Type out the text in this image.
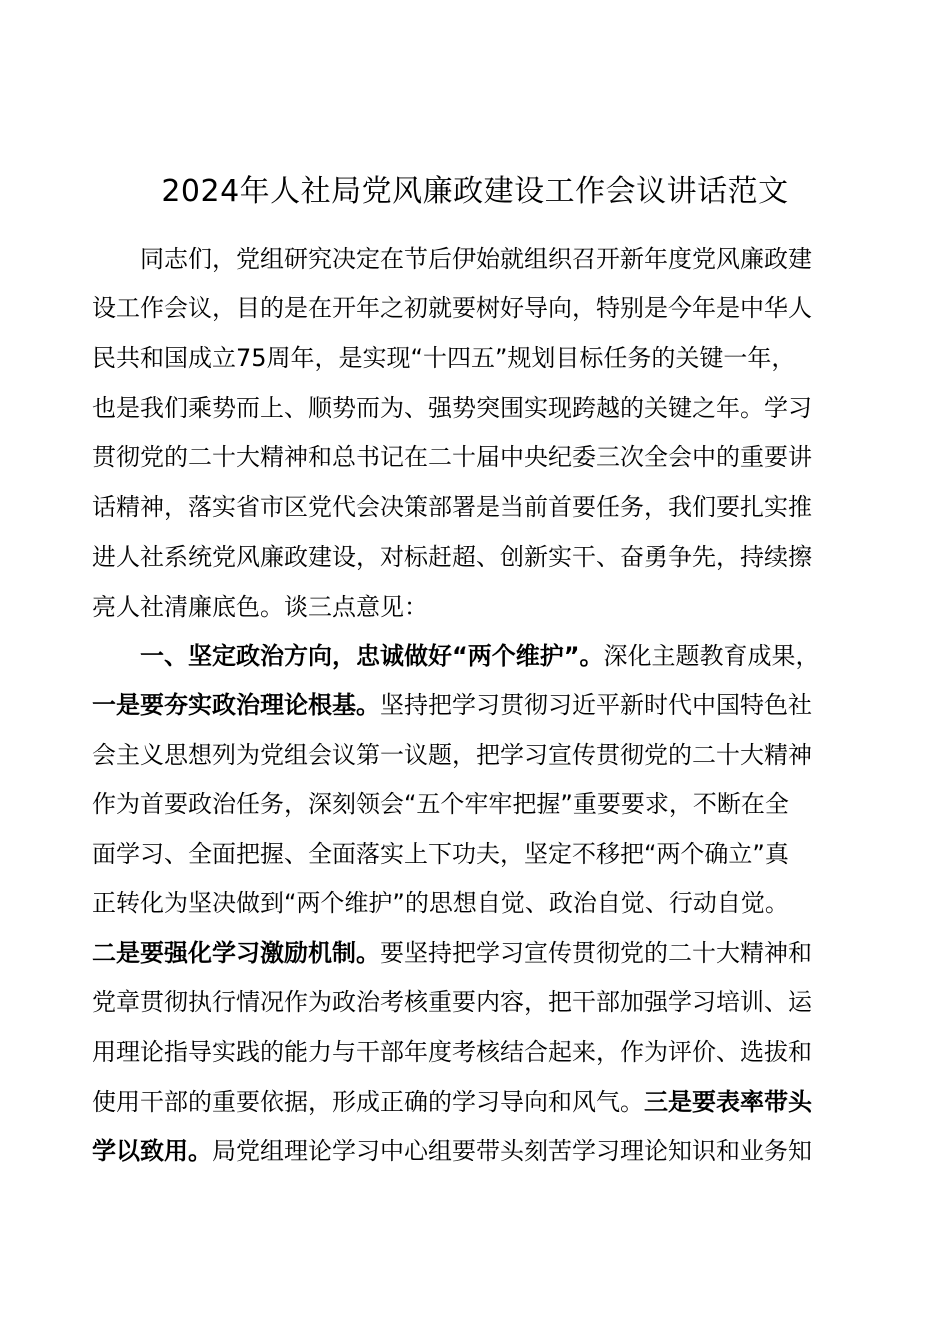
2024年人社局党风廉政建设工作会议讲话范文
同志们，党组研究决定在节后伊始就组织召开新年度党风廉政建
设工作会议，目的是在开年之初就要树好导向，特别是今年是中华人
民共和国成立75周年，是实现“十四五”规划目标任务的关键一年，
也是我们乘势而上、顺势而为、强势突围实现跨越的关键之年。学习
贯彻党的二十大精神和总书记在二十届中央纪委三次全会中的重要讲
话精神，落实省市区党代会决策部署是当前首要任务，我们要扎实推
进人社系统党风廉政建设，对标赶超、创新实干、奋勇争先，持续擦
亮人社清廉底色。谈三点意见：
一、坚定政治方向，忠诚做好“两个维护”。深化主题教育成果，
一是要夯实政治理论根基。坚持把学习贯彻习近平新时代中国特色社
会主义思想列为党组会议第一议题，把学习宣传贯彻党的二十大精神
作为首要政治任务，深刻领会“五个牢牢把握”重要要求，不断在全
面学习、全面把握、全面落实上下功夫，坚定不移把“两个确立”真
正转化为坚决做到“两个维护”的思想自觉、政治自觉、行动自觉。
二是要强化学习激励机制。要坚持把学习宣传贯彻党的二十大精神和
党章贯彻执行情况作为政治考核重要内容，把干部加强学习培训、运
用理论指导实践的能力与干部年度考核结合起来，作为评价、选拔和
使用干部的重要依据，形成正确的学习导向和风气。三是要表率带头
学以致用。局党组理论学习中心组要带头刻苦学习理论知识和业务知
